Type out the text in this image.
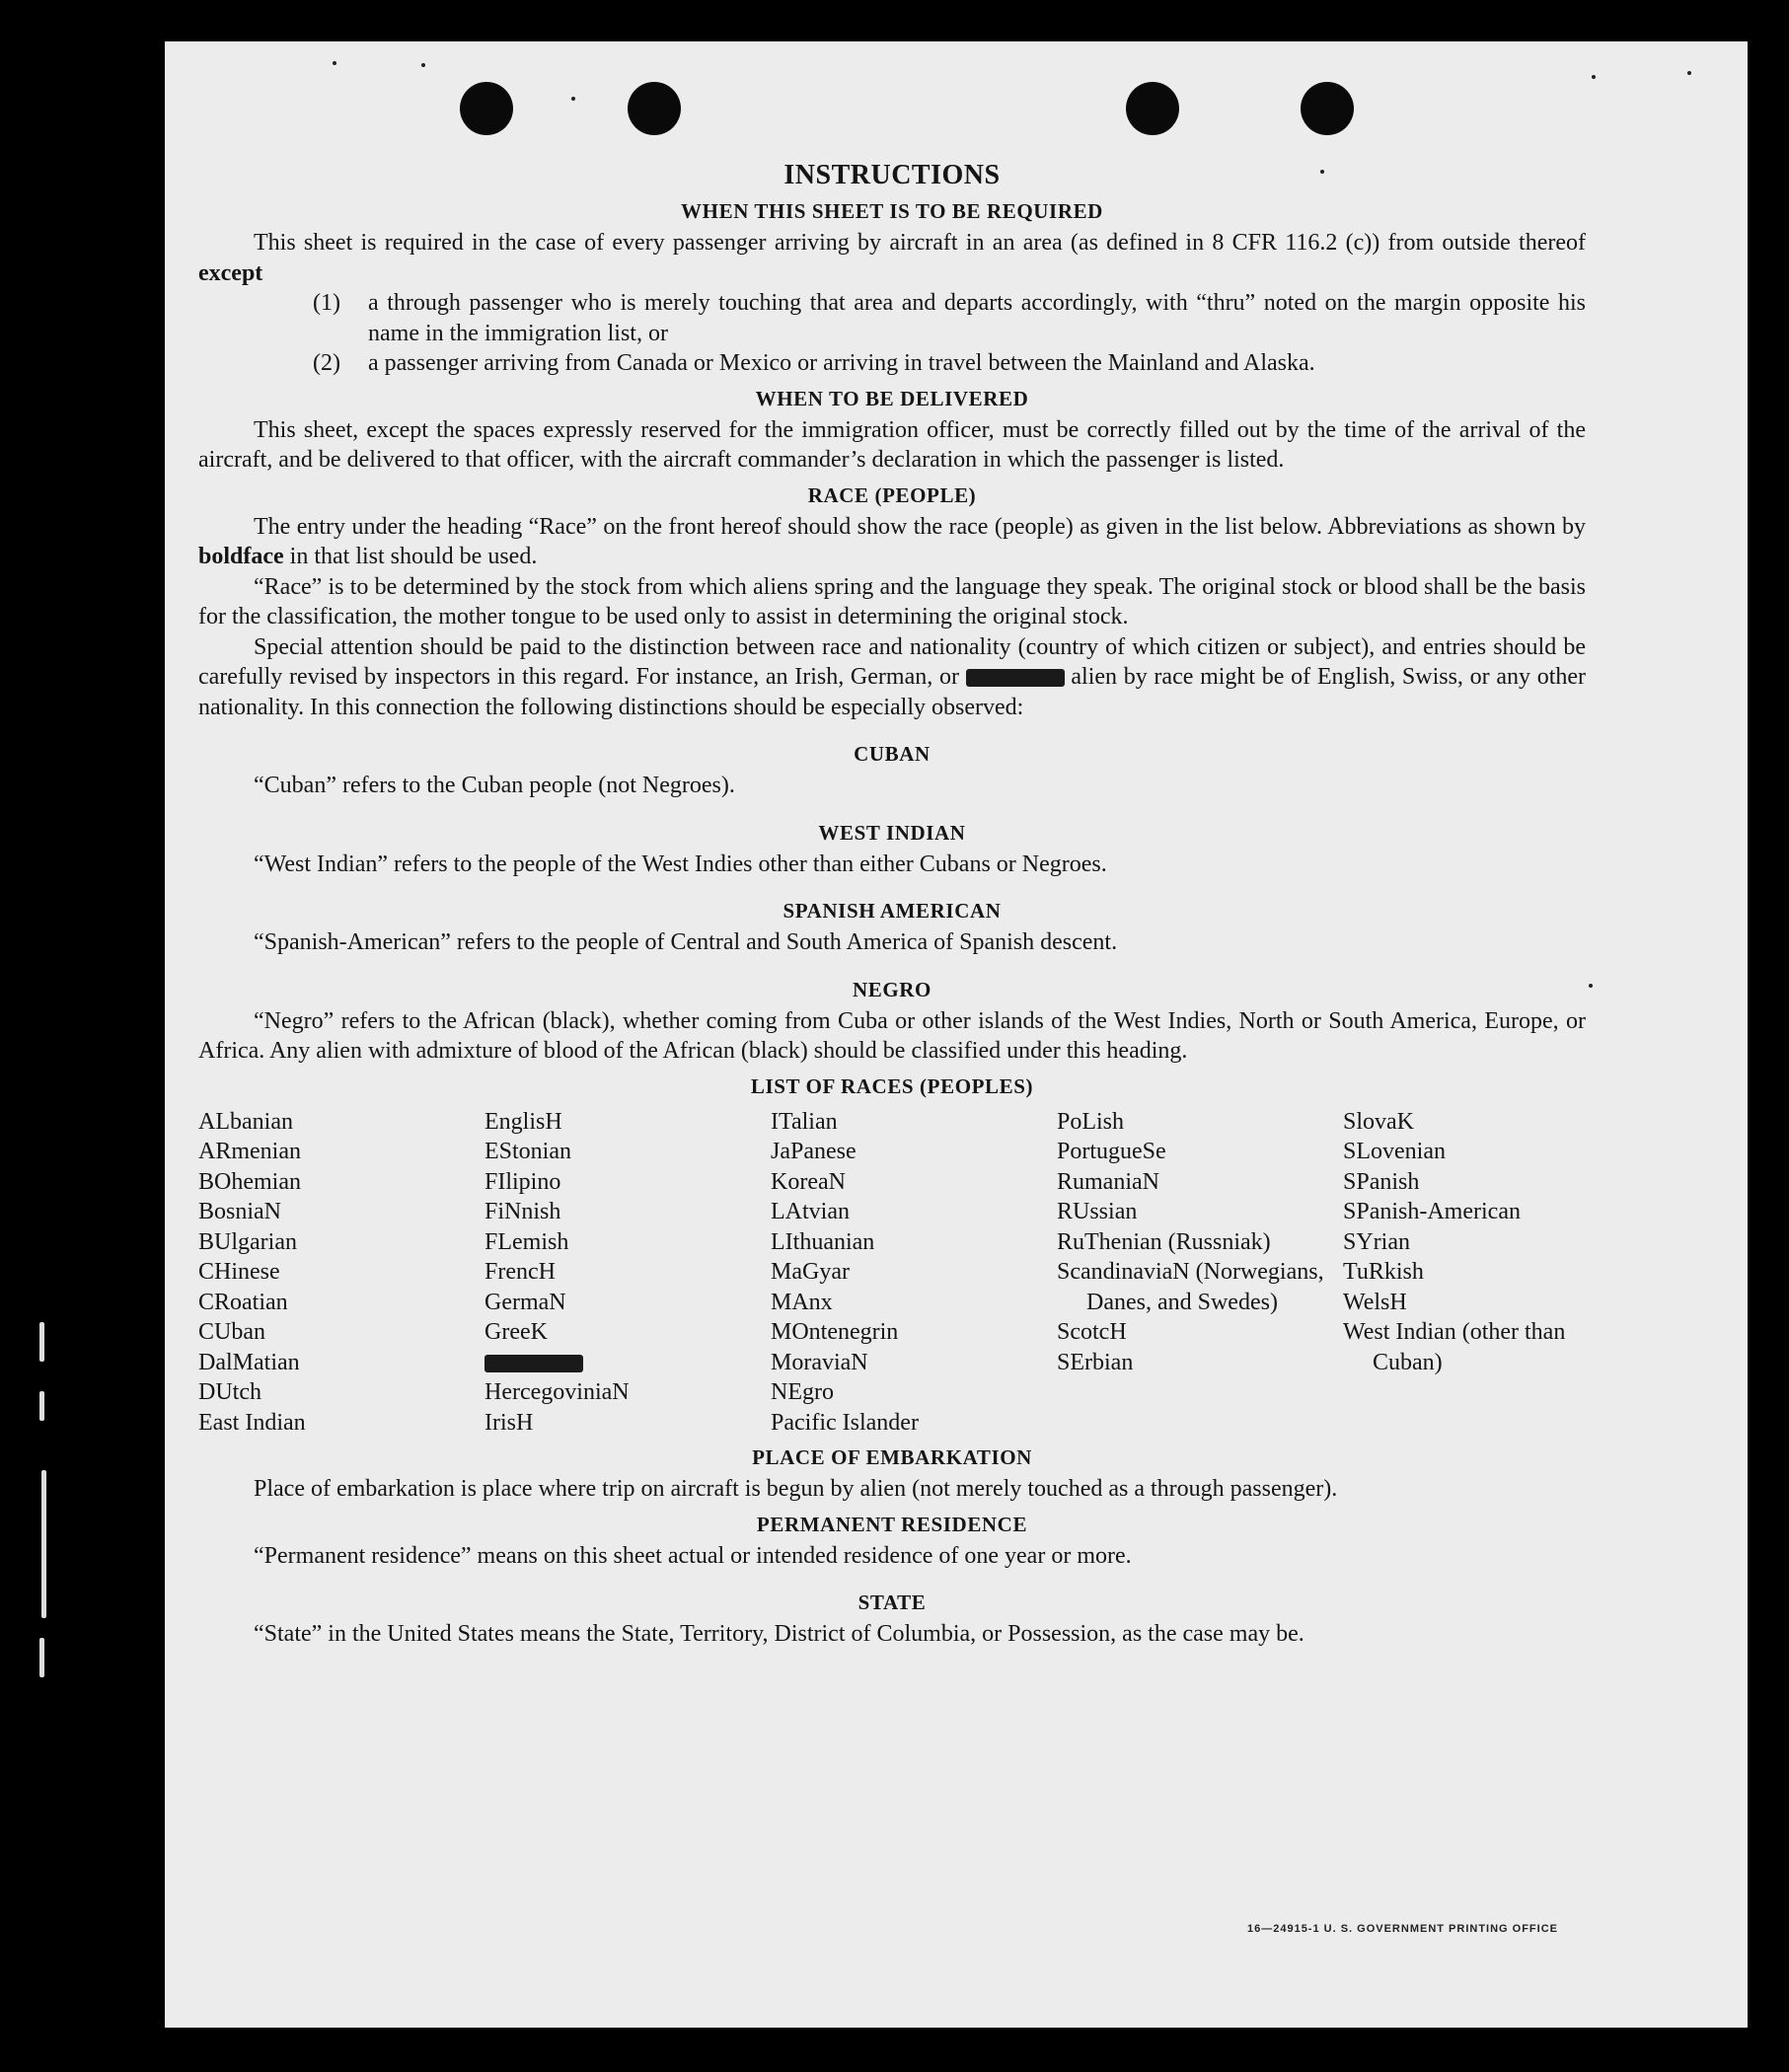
INSTRUCTIONS
WHEN THIS SHEET IS TO BE REQUIRED

This sheet is required in the case of every passenger arriving by aircraft in an area (as defined in 8 CFR 116.2 (c)) from outside thereof except

(1)	a through passenger who is merely touching that area and departs accordingly, with “thru” noted on the margin opposite his name in the immigration list, or
(2)	a passenger arriving from Canada or Mexico or arriving in travel between the Mainland and Alaska.
WHEN TO BE DELIVERED

This sheet, except the spaces expressly reserved for the immigration officer, must be correctly filled out by the time of the arrival of the aircraft, and be delivered to that officer, with the aircraft commander’s declaration in which the passenger is listed.

RACE (PEOPLE)

The entry under the heading “Race” on the front hereof should show the race (people) as given in the list below. Abbreviations as shown by boldface in that list should be used.

“Race” is to be determined by the stock from which aliens spring and the language they speak. The original stock or blood shall be the basis for the classification, the mother tongue to be used only to assist in determining the original stock.

Special attention should be paid to the distinction between race and nationality (country of which citizen or subject), and entries should be carefully revised by inspectors in this regard. For instance, an Irish, German, or	alien by race might be of English, Swiss, or any other nationality. In this connection the following distinctions should be especially observed:

CUBAN

“Cuban” refers to the Cuban people (not Negroes).

WEST INDIAN

“West Indian” refers to the people of the West Indies other than either Cubans or Negroes.

SPANISH AMERICAN

“Spanish-American” refers to the people of Central and South America of Spanish descent.

NEGRO

“Negro” refers to the African (black), whether coming from Cuba or other islands of the West Indies, North or South America, Europe, or Africa. Any alien with admixture of blood of the African (black) should be classified under this heading.

LIST OF RACES (PEOPLES)

ALbanian

ARmenian

BOhemian

BosniaN

BUlgarian

CHinese

CRoatian

CUban

DalMatian

DUtch

East Indian

EnglisH

EStonian

FIlipino

FiNnish

FLemish

FrencH

GermaN

GreeK

HercegoviniaN

IrisH

ITalian

JaPanese

KoreaN

LAtvian

LIthuanian

MaGyar

MAnx

MOntenegrin

MoraviaN

NEgro

Pacific Islander

PoLish

PortugueSe

RumaniaN

RUssian

RuThenian (Russniak)

ScandinaviaN (Norwegians, Danes, and Swedes)

ScotcH

SErbian

SlovaK

SLovenian

SPanish

SPanish-American

SYrian

TuRkish

WelsH

West Indian (other than Cuban)

PLACE OF EMBARKATION

Place of embarkation is place where trip on aircraft is begun by alien (not merely touched as a through passenger).

PERMANENT RESIDENCE

“Permanent residence” means on this sheet actual or intended residence of one year or more.

STATE

“State” in the United States means the State, Territory, District of Columbia, or Possession, as the case may be.

16—24915-1 U. S. GOVERNMENT PRINTING OFFICE
